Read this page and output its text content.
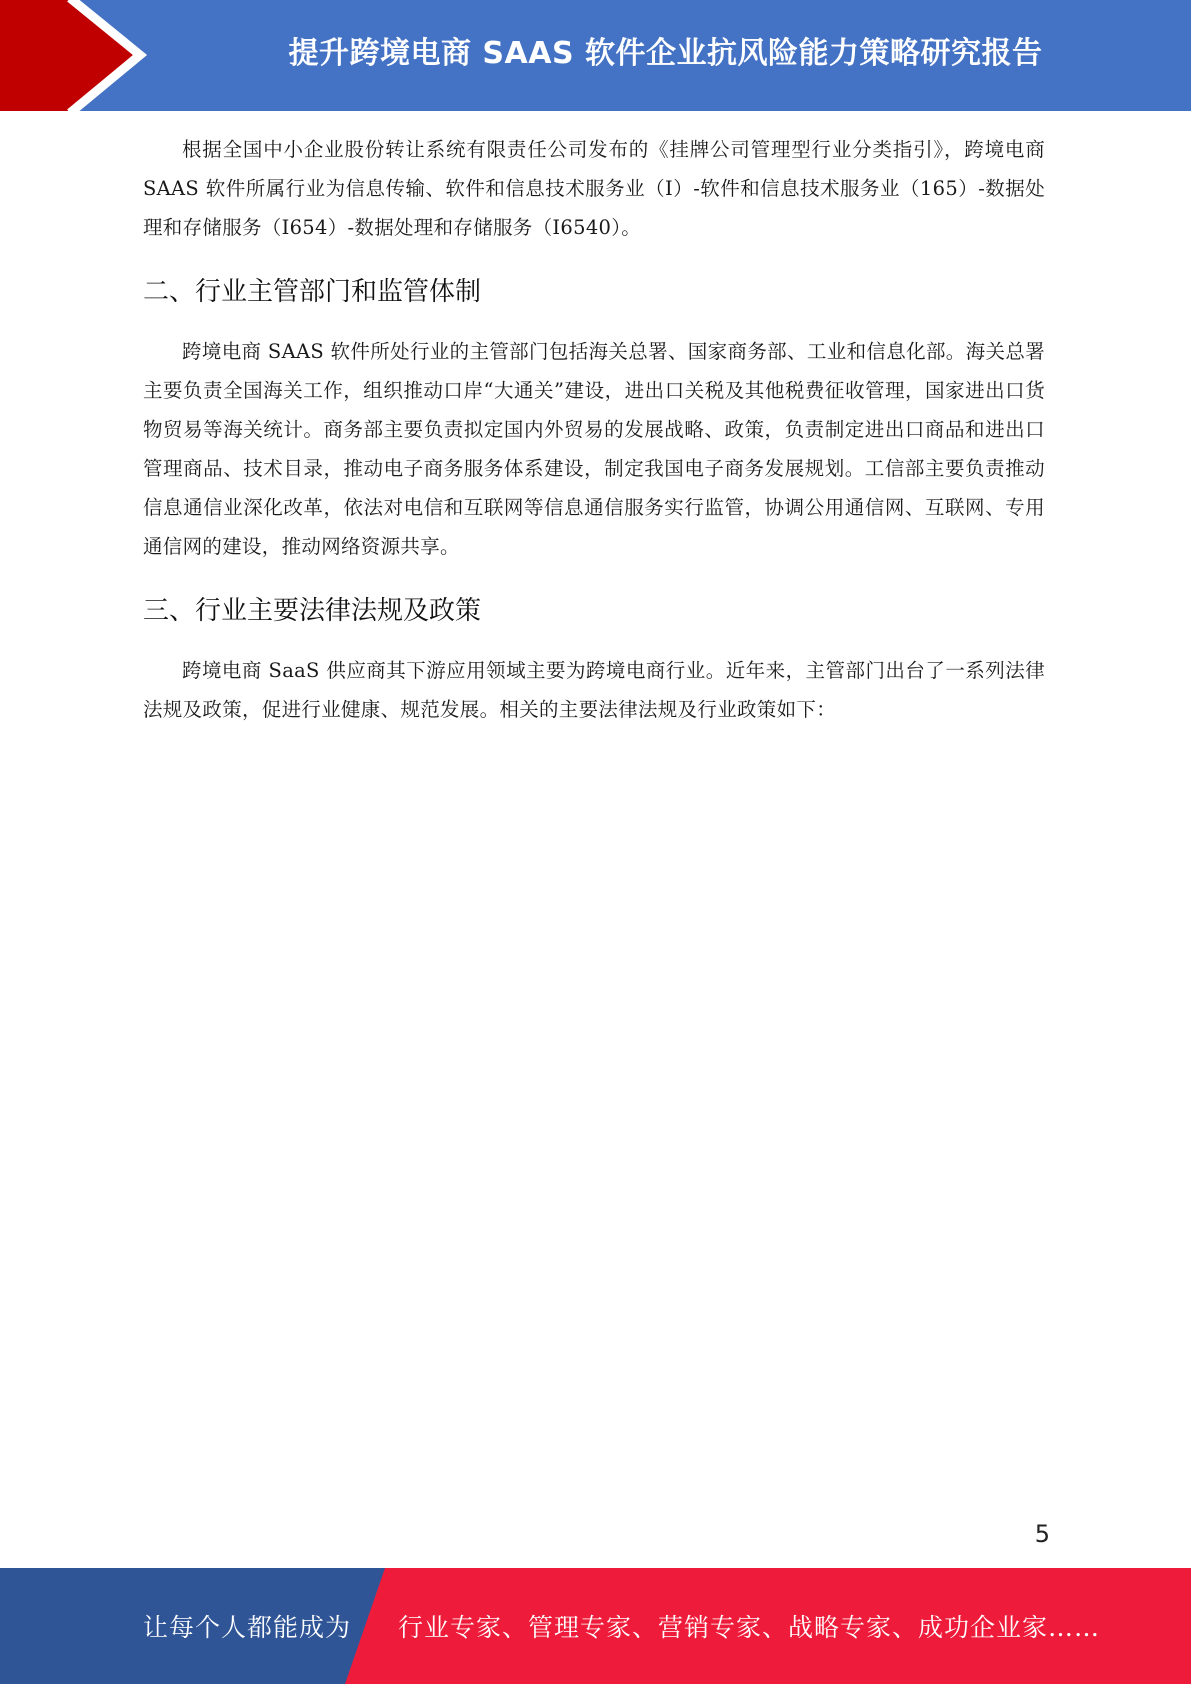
提升跨境电商 SAAS 软件企业抗风险能力策略研究报告

根据全国中小企业股份转让系统有限责任公司发布的《挂牌公司管理型行业分类指引》，跨境电商 SAAS 软件所属行业为信息传输、软件和信息技术服务业（I）-软件和信息技术服务业（165）-数据处理和存储服务（I654）-数据处理和存储服务（I6540）。

二、行业主管部门和监管体制

跨境电商 SAAS 软件所处行业的主管部门包括海关总署、国家商务部、工业和信息化部。海关总署主要负责全国海关工作，组织推动口岸“大通关”建设，进出口关税及其他税费征收管理，国家进出口货物贸易等海关统计。商务部主要负责拟定国内外贸易的发展战略、政策，负责制定进出口商品和进出口管理商品、技术目录，推动电子商务服务体系建设，制定我国电子商务发展规划。工信部主要负责推动信息通信业深化改革，依法对电信和互联网等信息通信服务实行监管，协调公用通信网、互联网、专用通信网的建设，推动网络资源共享。

三、行业主要法律法规及政策

跨境电商 SaaS 供应商其下游应用领域主要为跨境电商行业。近年来，主管部门出台了一系列法律法规及政策，促进行业健康、规范发展。相关的主要法律法规及行业政策如下：

5
让每个人都能成为 行业专家、管理专家、营销专家、战略专家、成功企业家……
